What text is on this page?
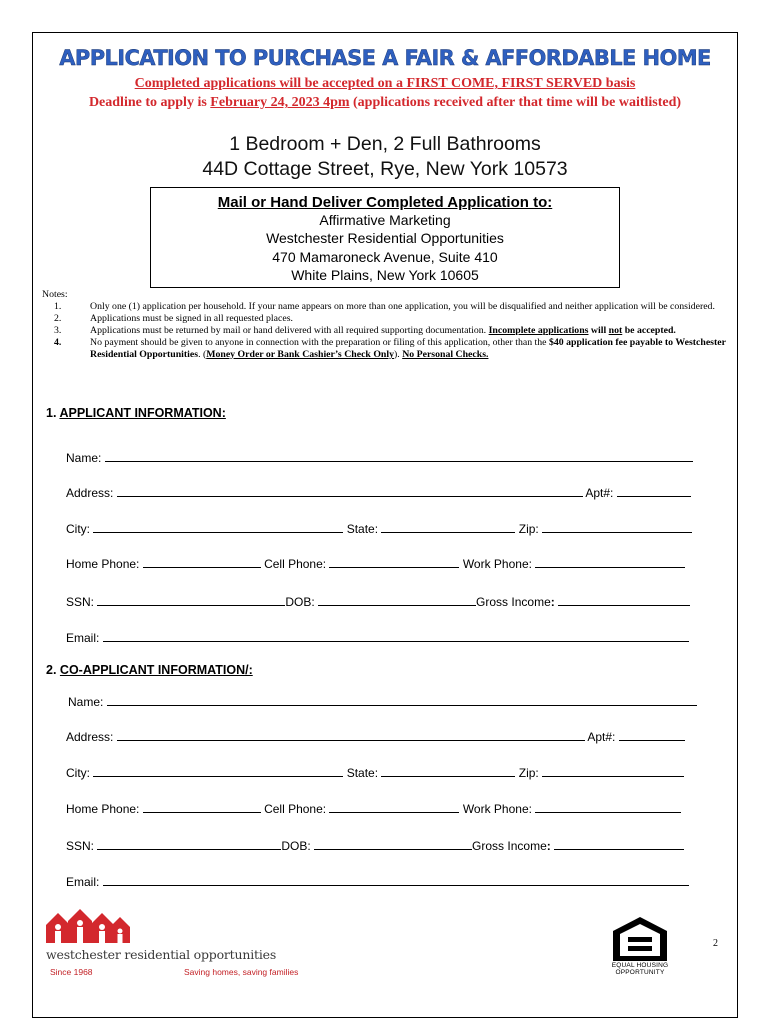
APPLICATION TO PURCHASE A FAIR & AFFORDABLE HOME
Completed applications will be accepted on a FIRST COME, FIRST SERVED basis
Deadline to apply is February 24, 2023 4pm (applications received after that time will be waitlisted)
1 Bedroom + Den, 2 Full Bathrooms
44D Cottage Street, Rye, New York 10573
Mail or Hand Deliver Completed Application to:
Affirmative Marketing
Westchester Residential Opportunities
470 Mamaroneck Avenue, Suite 410
White Plains, New York 10605
Notes:
1.	Only one (1) application per household. If your name appears on more than one application, you will be disqualified and neither application will be considered.
2.	Applications must be signed in all requested places.
3.	Applications must be returned by mail or hand delivered with all required supporting documentation. Incomplete applications will not be accepted.
4.	No payment should be given to anyone in connection with the preparation or filing of this application, other than the $40 application fee payable to Westchester Residential Opportunities. (Money Order or Bank Cashier’s Check Only). No Personal Checks.
1. APPLICANT INFORMATION:
Name:
Address:	Apt#:
City:	State:	Zip:
Home Phone:	Cell Phone:	Work Phone:
SSN:	DOB:	Gross Income:
Email:
2. CO-APPLICANT INFORMATION/:
Name:
Address:	Apt#:
City:	State:	Zip:
Home Phone:	Cell Phone:	Work Phone:
SSN:	DOB:	Gross Income:
Email:
westchester residential opportunities
Since 1968	Saving homes, saving families
2
EQUAL HOUSING
OPPORTUNITY
